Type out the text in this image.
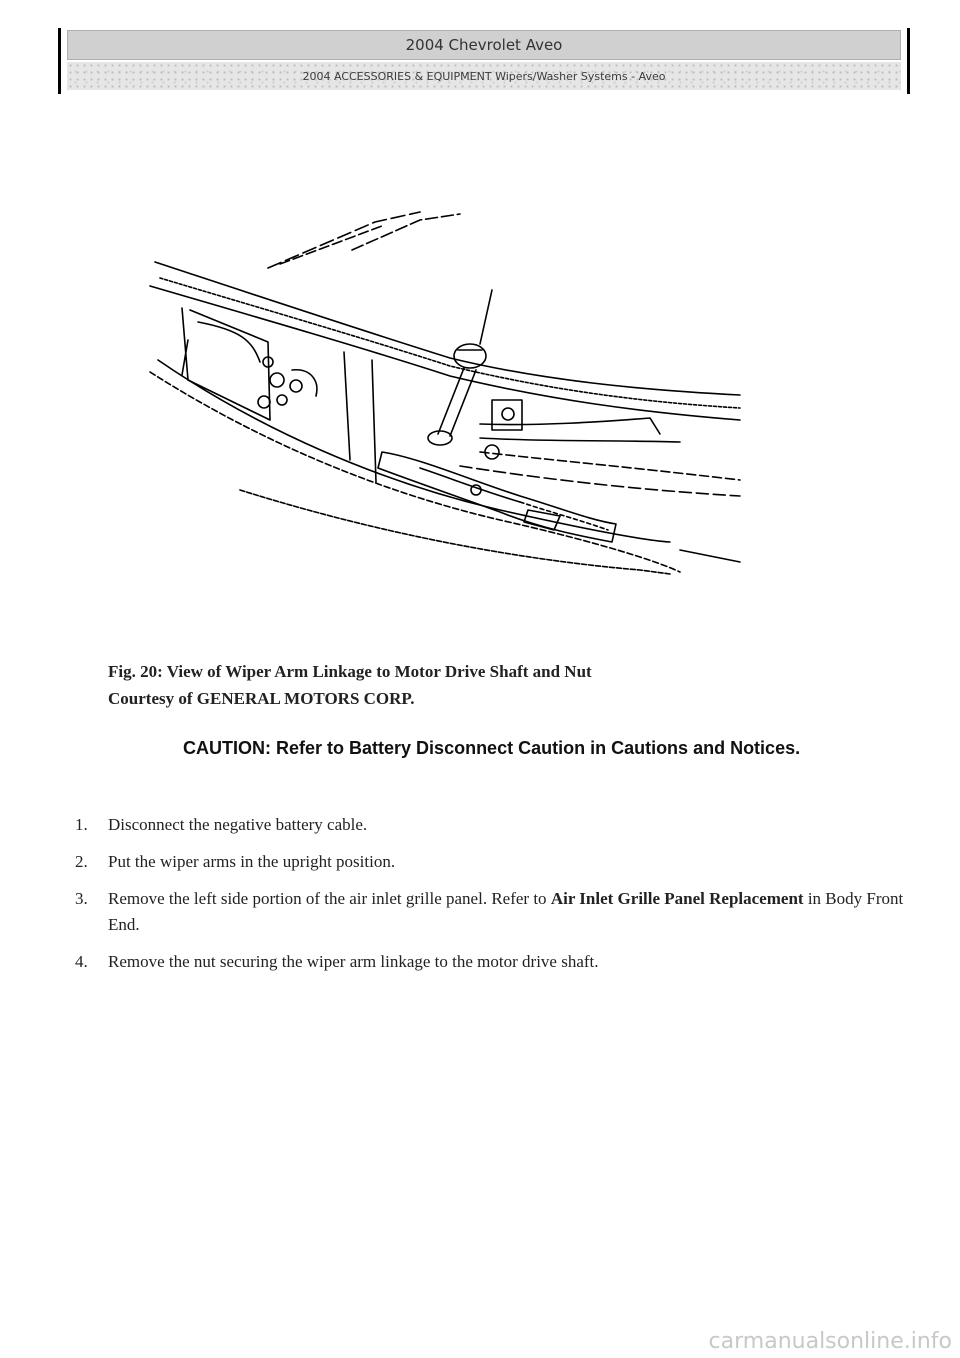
2004 Chevrolet Aveo
2004 ACCESSORIES & EQUIPMENT Wipers/Washer Systems - Aveo
Fig. 20: View of Wiper Arm Linkage to Motor Drive Shaft and Nut
Courtesy of GENERAL MOTORS CORP.
CAUTION: Refer to Battery Disconnect Caution in Cautions and Notices.
1.	Disconnect the negative battery cable.
2.	Put the wiper arms in the upright position.
3.	Remove the left side portion of the air inlet grille panel. Refer to Air Inlet Grille Panel Replacement in Body Front End.
4.	Remove the nut securing the wiper arm linkage to the motor drive shaft.
carmanualsonline.info
